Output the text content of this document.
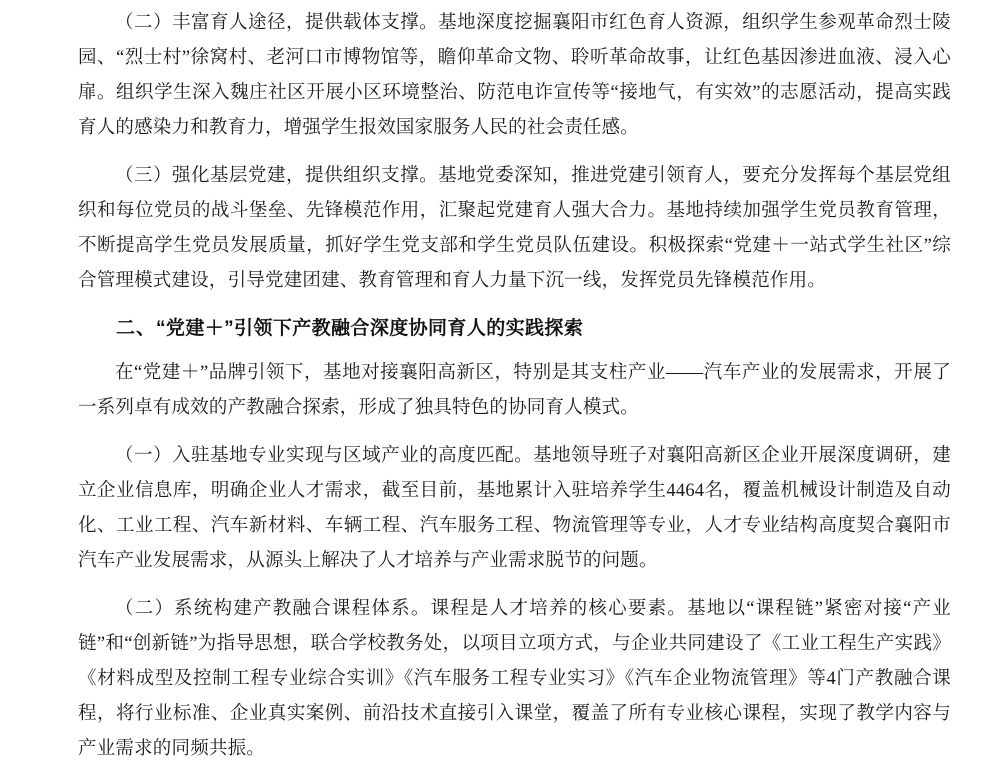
（二）丰富育人途径，提供载体支撑。基地深度挖掘襄阳市红色育人资源，组织学生参观革命烈士陵园、“烈士村”徐窝村、老河口市博物馆等，瞻仰革命文物、聆听革命故事，让红色基因渗进血液、浸入心扉。组织学生深入魏庄社区开展小区环境整治、防范电诈宣传等“接地气，有实效”的志愿活动，提高实践育人的感染力和教育力，增强学生报效国家服务人民的社会责任感。

（三）强化基层党建，提供组织支撑。基地党委深知，推进党建引领育人，要充分发挥每个基层党组织和每位党员的战斗堡垒、先锋模范作用，汇聚起党建育人强大合力。基地持续加强学生党员教育管理，不断提高学生党员发展质量，抓好学生党支部和学生党员队伍建设。积极探索“党建＋一站式学生社区”综合管理模式建设，引导党建团建、教育管理和育人力量下沉一线，发挥党员先锋模范作用。

二、“党建＋”引领下产教融合深度协同育人的实践探索

在“党建＋”品牌引领下，基地对接襄阳高新区，特别是其支柱产业——汽车产业的发展需求，开展了一系列卓有成效的产教融合探索，形成了独具特色的协同育人模式。

（一）入驻基地专业实现与区域产业的高度匹配。基地领导班子对襄阳高新区企业开展深度调研，建立企业信息库，明确企业人才需求，截至目前，基地累计入驻培养学生4464名，覆盖机械设计制造及自动化、工业工程、汽车新材料、车辆工程、汽车服务工程、物流管理等专业，人才专业结构高度契合襄阳市汽车产业发展需求，从源头上解决了人才培养与产业需求脱节的问题。

（二）系统构建产教融合课程体系。课程是人才培养的核心要素。基地以“课程链”紧密对接“产业链”和“创新链”为指导思想，联合学校教务处，以项目立项方式，与企业共同建设了《工业工程生产实践》《材料成型及控制工程专业综合实训》《汽车服务工程专业实习》《汽车企业物流管理》等4门产教融合课程，将行业标准、企业真实案例、前沿技术直接引入课堂，覆盖了所有专业核心课程，实现了教学内容与产业需求的同频共振。
